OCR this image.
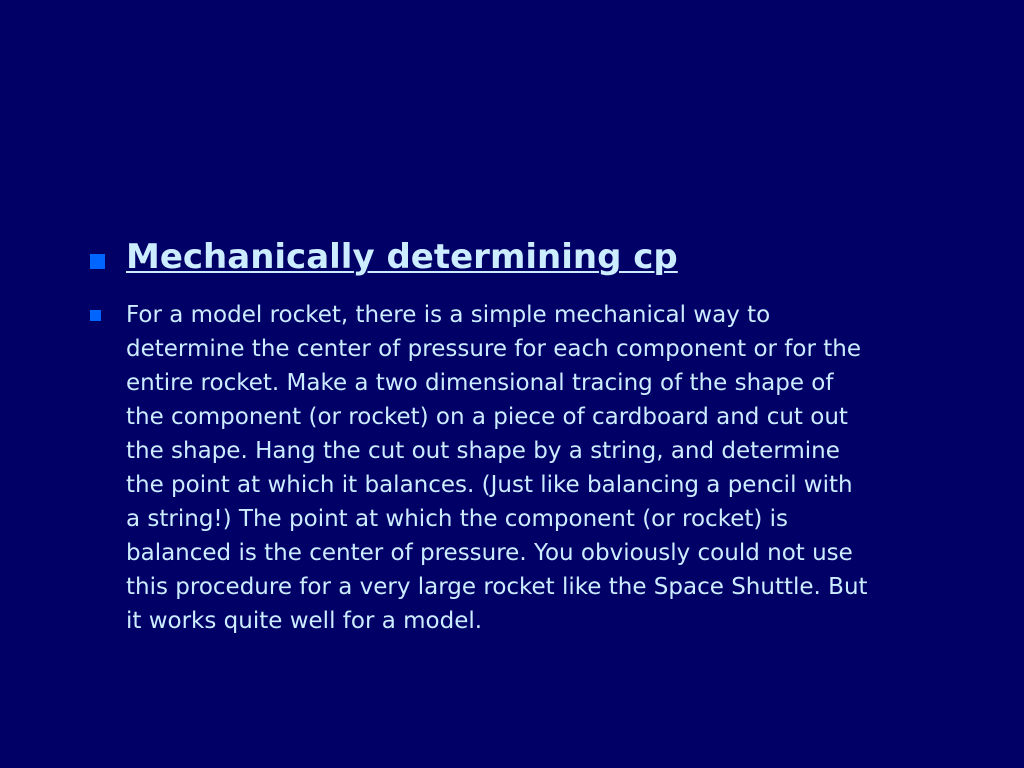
Mechanically determining cp

For a model rocket, there is a simple mechanical way to
determine the center of pressure for each component or for the
entire rocket. Make a two dimensional tracing of the shape of
the component (or rocket) on a piece of cardboard and cut out
the shape. Hang the cut out shape by a string, and determine
the point at which it balances. (Just like balancing a pencil with
a string!) The point at which the component (or rocket) is
balanced is the center of pressure. You obviously could not use
this procedure for a very large rocket like the Space Shuttle. But
it works quite well for a model.
